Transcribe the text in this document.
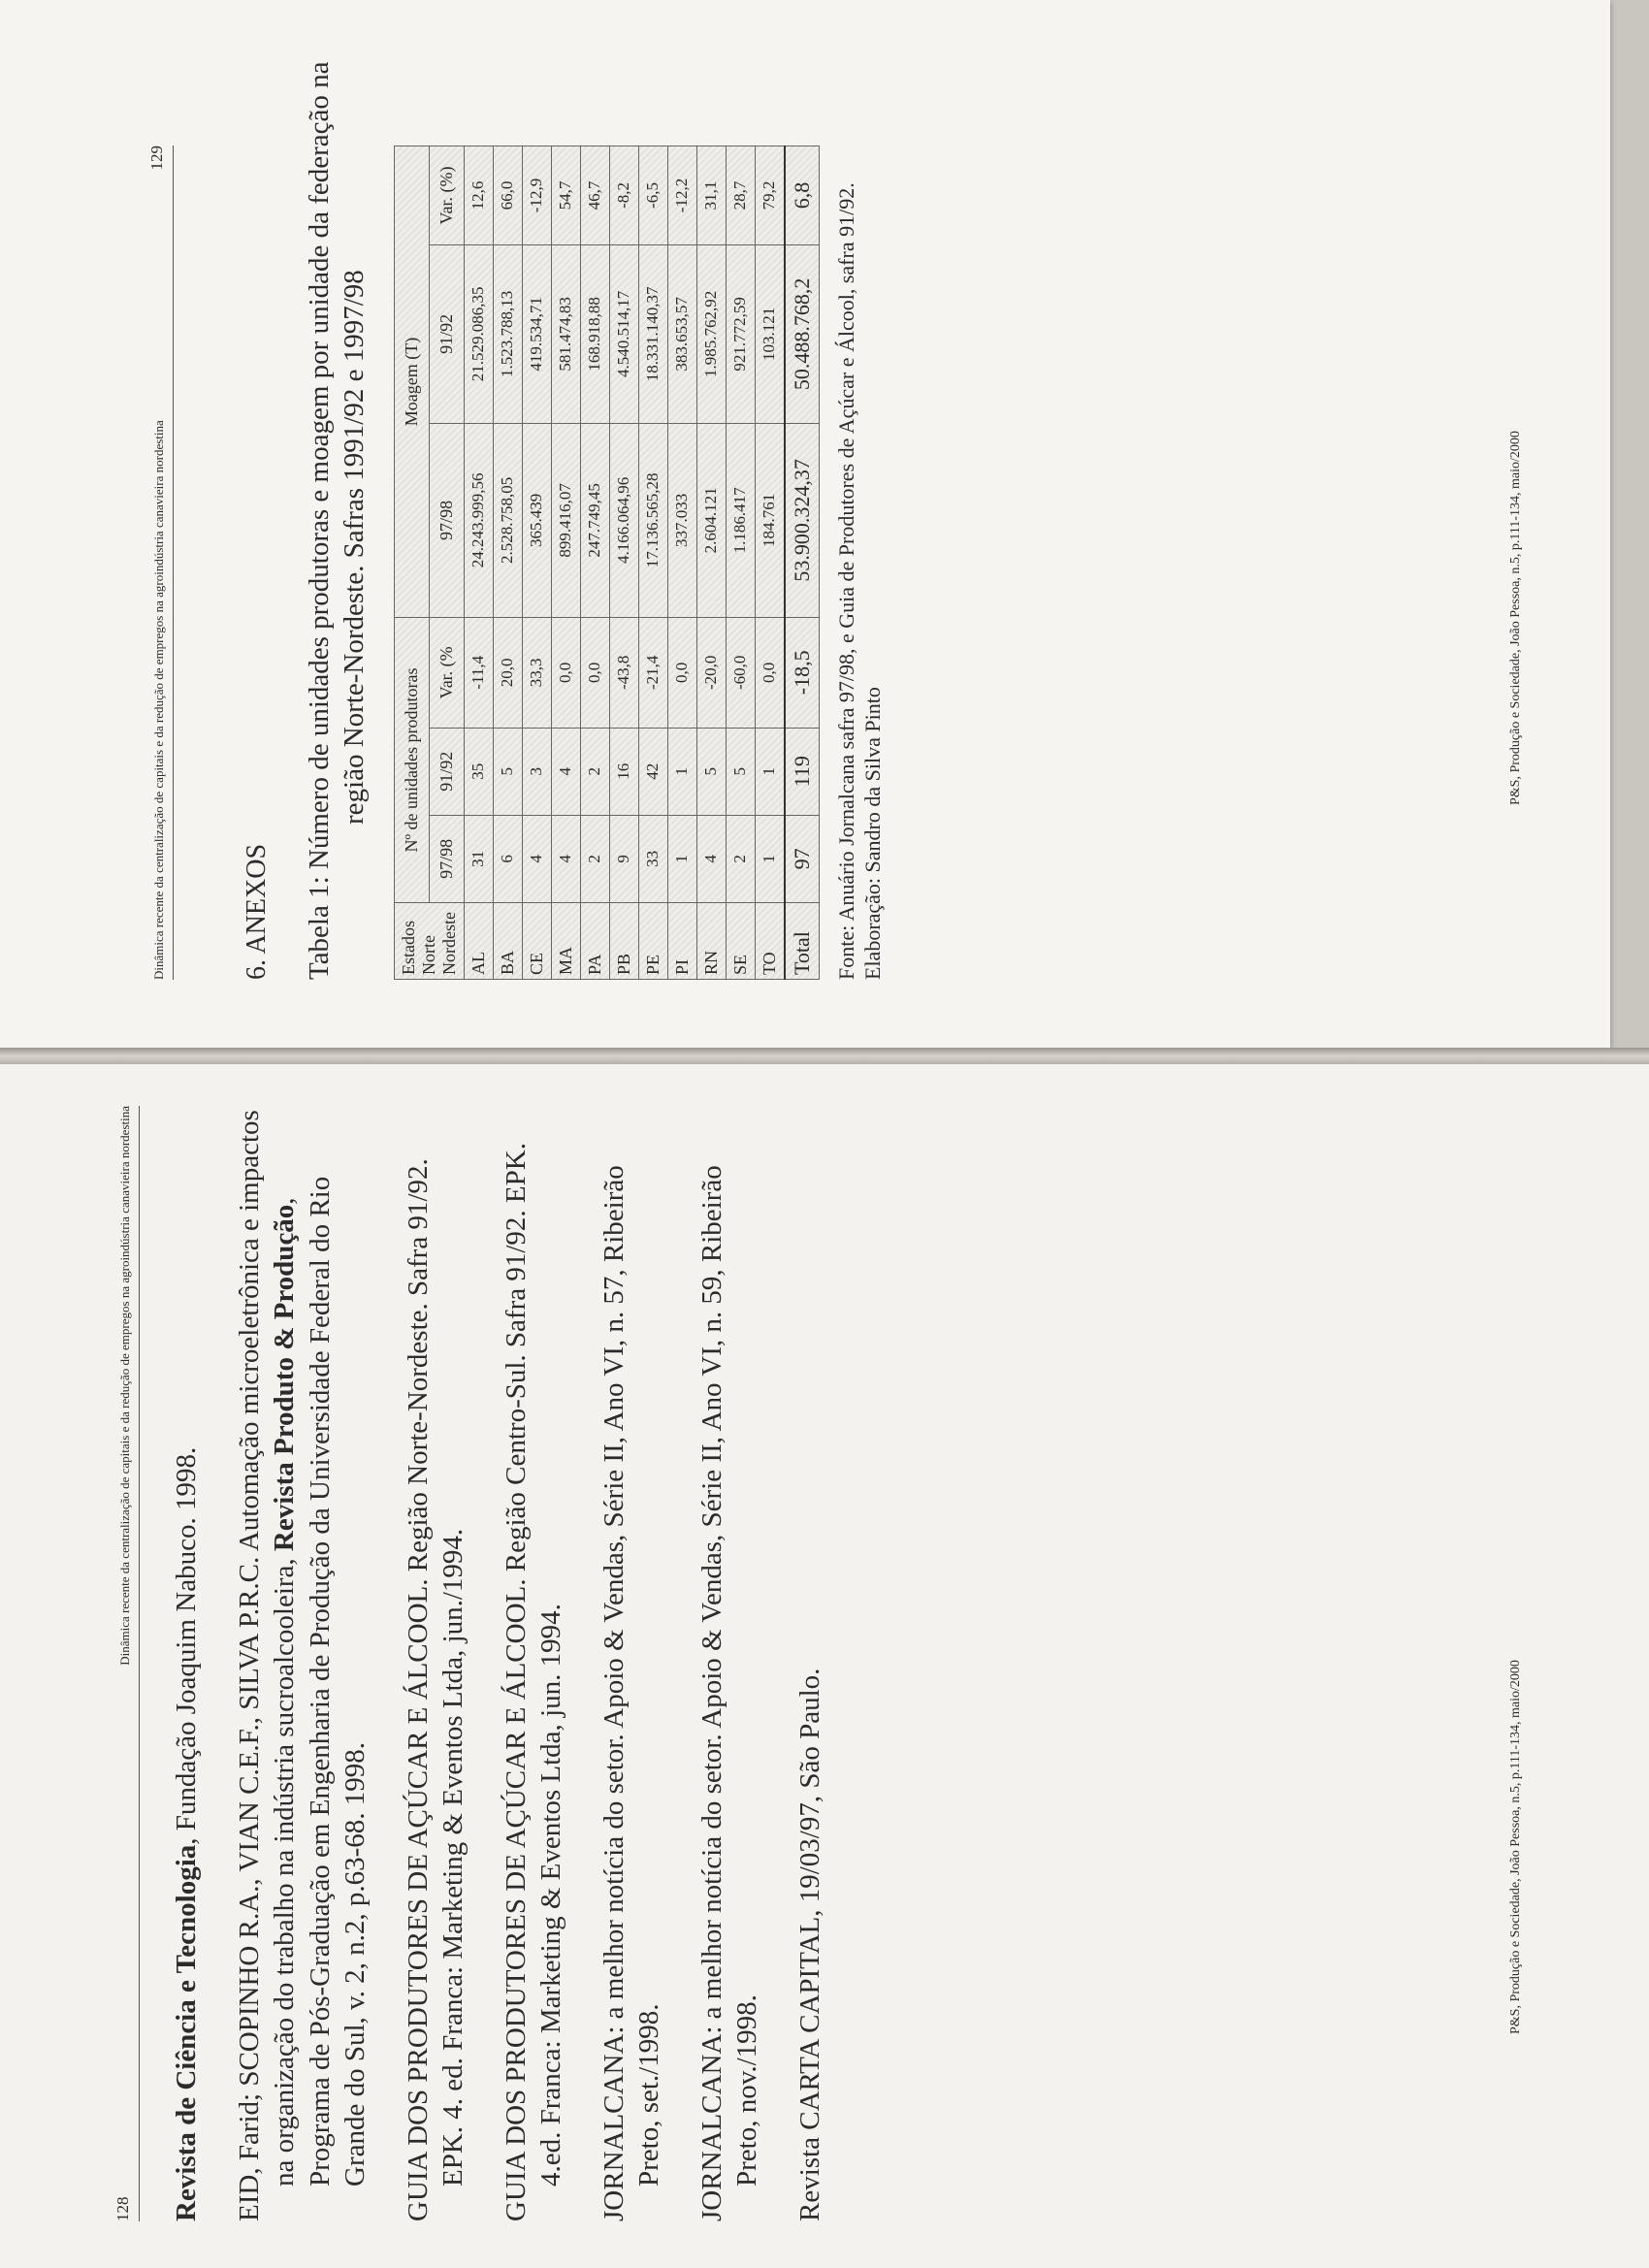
Dinâmica recente da centralização de capitais e da redução de empregos na agroindústria canavieira nordestina
129
6. ANEXOS Tabela 1: Número de unidades produtoras e moagem por unidade da federação na região Norte-Nordeste. Safras 1991/92 e 1997/98
Estados Norte Nordeste	Nº de unidades produtoras			Moagem (T)		
	97/98	91/92	Var. (%	97/98	91/92	Var. (%)
AL	31	35	-11,4	24.243.999,56	21.529.086,35	12,6
BA	6	5	20,0	2.528.758,05	1.523.788,13	66,0
CE	4	3	33,3	365.439	419.534,71	-12,9
MA	4	4	0,0	899.416,07	581.474,83	54,7
PA	2	2	0,0	247.749,45	168.918,88	46,7
PB	9	16	-43,8	4.166.064,96	4.540.514,17	-8,2
PE	33	42	-21,4	17.136.565,28	18.331.140,37	-6,5
PI	1	1	0,0	337.033	383.653,57	-12,2
RN	4	5	-20,0	2.604.121	1.985.762,92	31,1
SE	2	5	-60,0	1.186.417	921.772,59	28,7
TO	1	1	0,0	184.761	103.121	79,2
Total	97	119	-18,5	53.900.324,37	50.488.768,2	6,8 Fonte: Anuário Jornalcana safra 97/98, e Guia de Produtores de Açúcar e Álcool, safra 91/92. Elaboração: Sandro da Silva Pinto

P&S, Produção e Sociedade, João Pessoa, n.5, p.111-134, maio/2000
128
Dinâmica recente da centralização de capitais e da redução de empregos na agroindústria canavieira nordestina
Revista de Ciência e Tecnologia, Fundação Joaquim Nabuco. 1998. EID, Farid; SCOPINHO R.A., VIAN C.E.F., SILVA P.R.C. Automação microeletrônica e impactos na organização do trabalho na indústria sucroalcooleira, Revista Produto & Produção, Programa de Pós-Graduação em Engenharia de Produção da Universidade Federal do Rio Grande do Sul, v. 2, n.2, p.63-68. 1998. GUIA DOS PRODUTORES DE AÇÚCAR E ÁLCOOL. Região Norte-Nordeste. Safra 91/92. EPK. 4. ed. Franca: Marketing & Eventos Ltda, jun./1994. GUIA DOS PRODUTORES DE AÇÚCAR E ÁLCOOL. Região Centro-Sul. Safra 91/92. EPK. 4.ed. Franca: Marketing & Eventos Ltda, jun. 1994. JORNALCANA: a melhor notícia do setor. Apoio & Vendas, Série II, Ano VI, n. 57, Ribeirão Preto, set./1998. JORNALCANA: a melhor notícia do setor. Apoio & Vendas, Série II, Ano VI, n. 59, Ribeirão Preto, nov./1998. Revista CARTA CAPITAL, 19/03/97, São Paulo.	P&S, Produção e Sociedade, João Pessoa, n.5, p.111-134, maio/2000
